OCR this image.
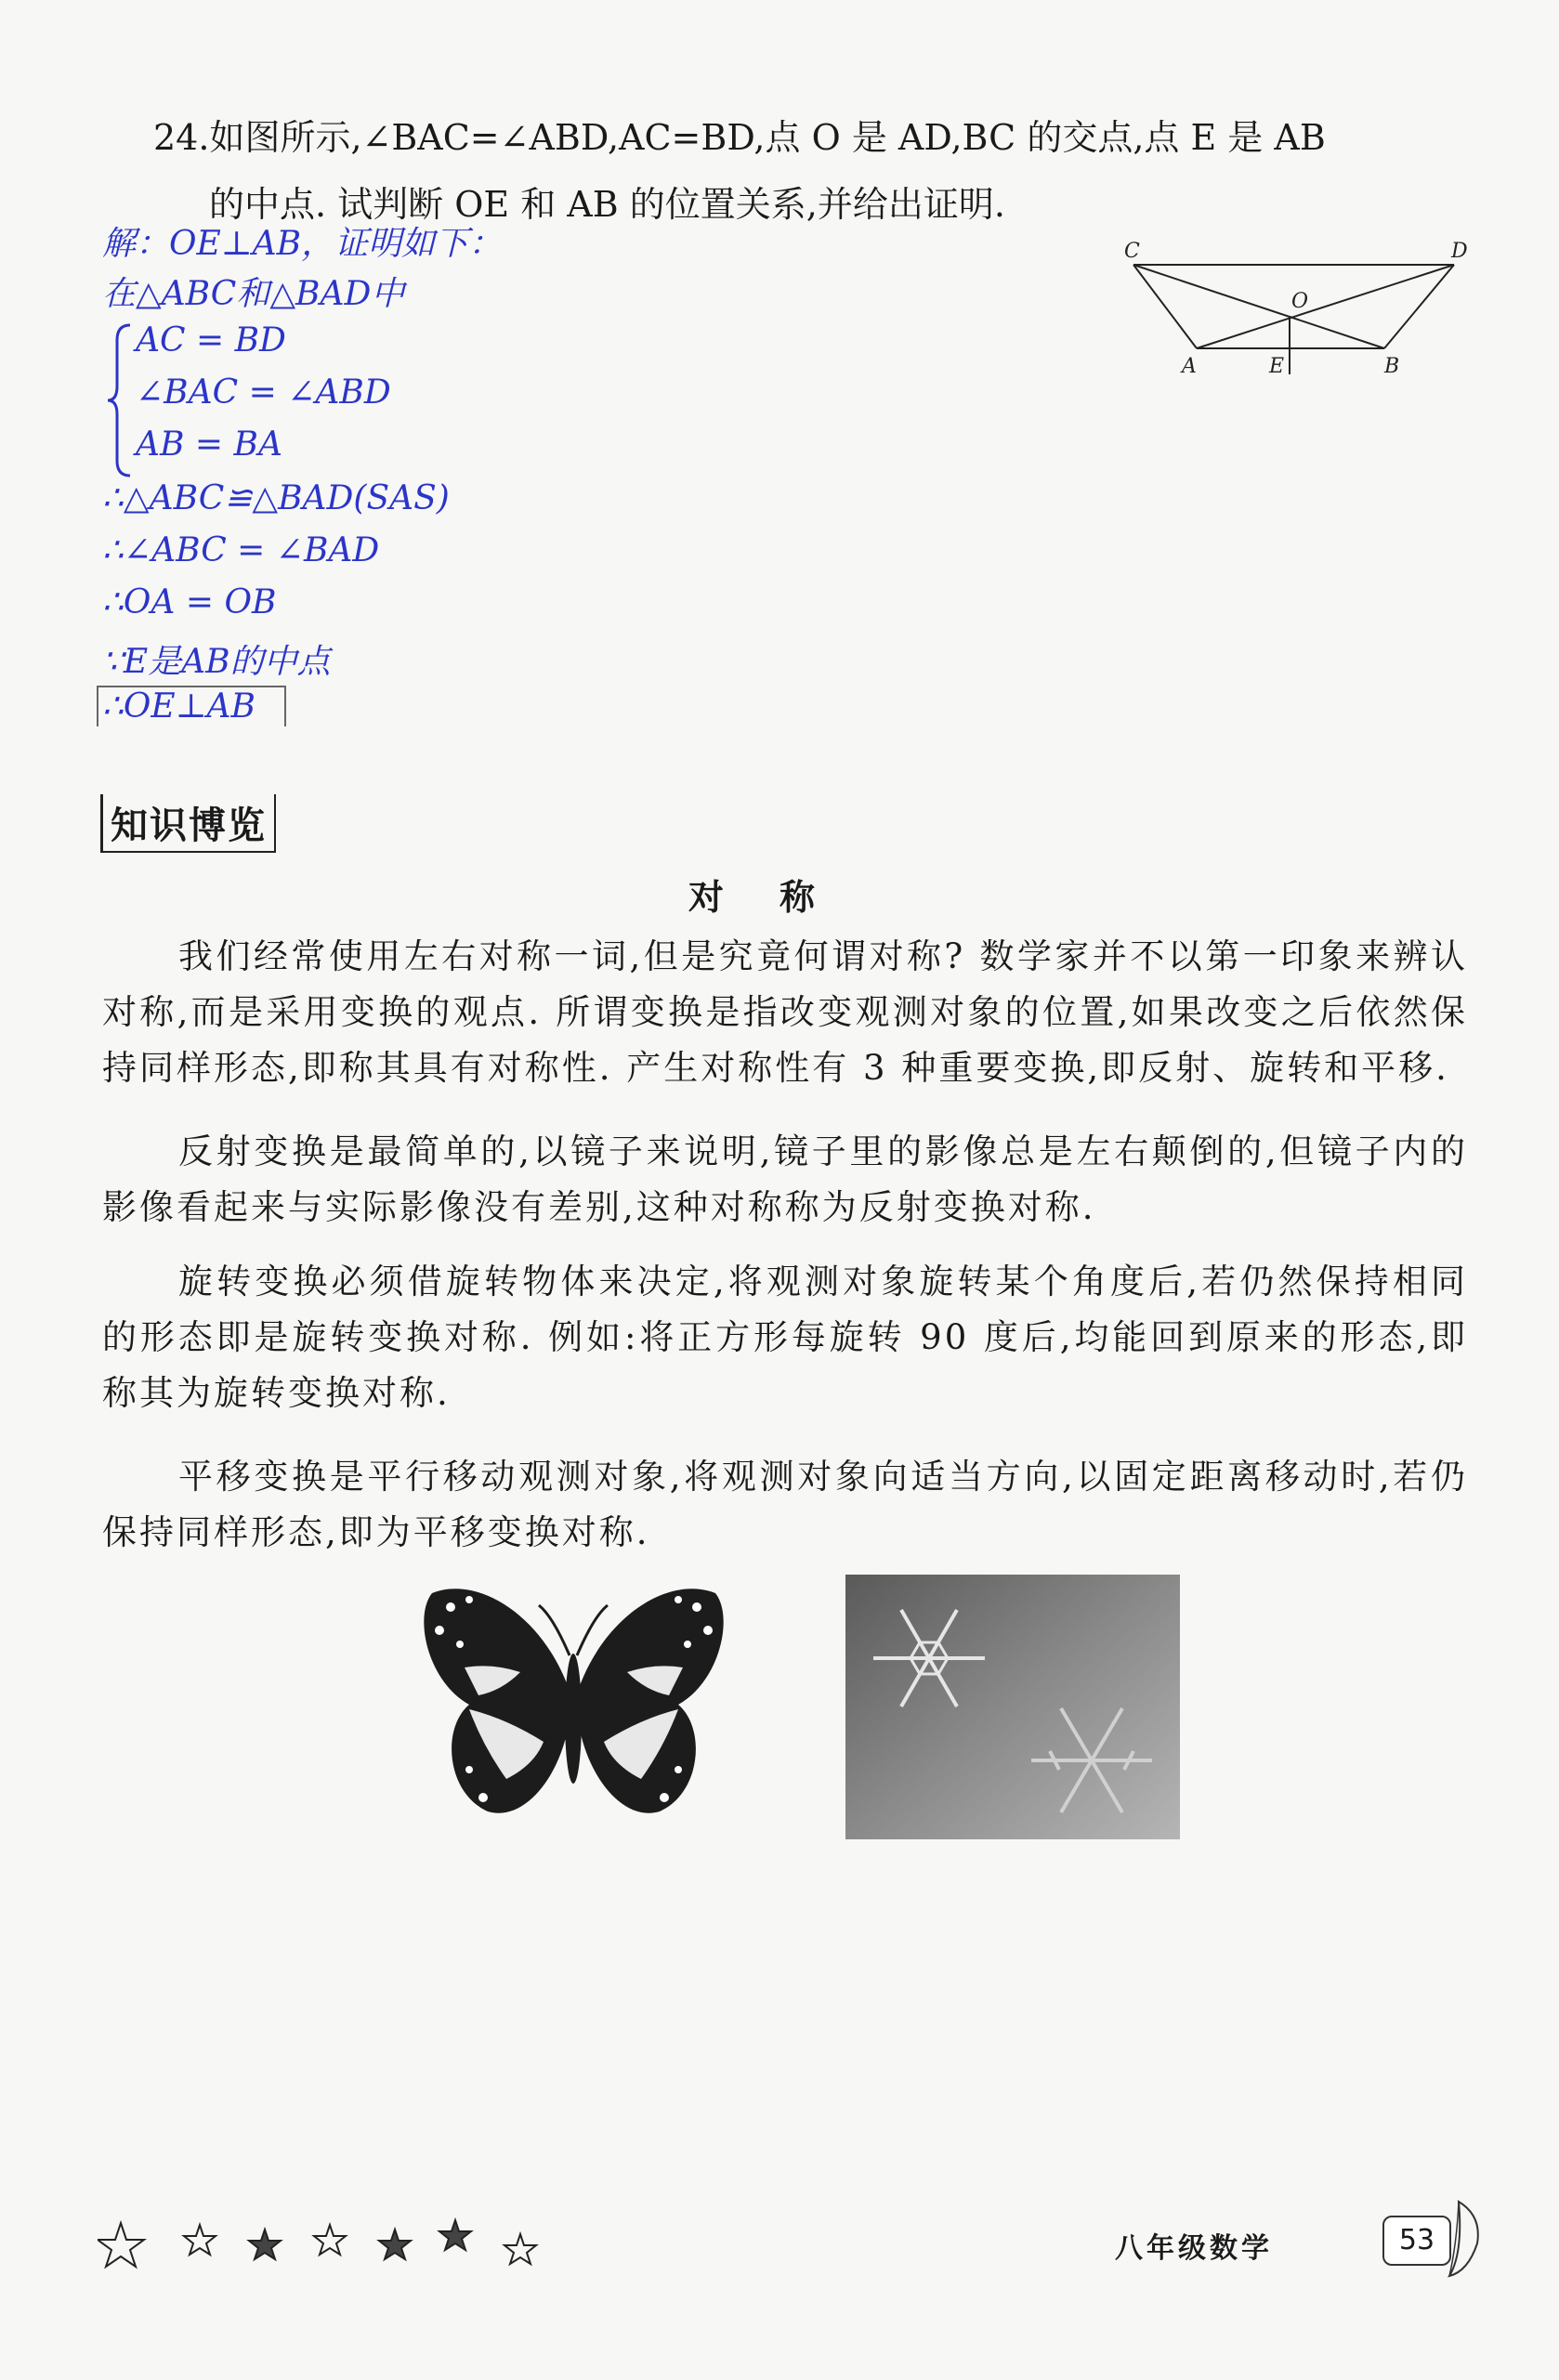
24.如图所示,∠BAC=∠ABD,AC=BD,点 O 是 AD,BC 的交点,点 E 是 AB
的中点. 试判断 OE 和 AB 的位置关系,并给出证明.
解：OE⊥AB，证明如下：
在△ABC和△BAD中
AC = BD
∠BAC = ∠ABD
AB = BA
∴△ABC≌△BAD(SAS)
∴∠ABC = ∠BAD
∴OA = OB
∵E是AB的中点
∴OE⊥AB
C	D
O
A	E	B
知识博览
对称
我们经常使用左右对称一词,但是究竟何谓对称? 数学家并不以第一印象来辨认对称,而是采用变换的观点. 所谓变换是指改变观测对象的位置,如果改变之后依然保持同样形态,即称其具有对称性. 产生对称性有 3 种重要变换,即反射、旋转和平移.
反射变换是最简单的,以镜子来说明,镜子里的影像总是左右颠倒的,但镜子内的影像看起来与实际影像没有差别,这种对称称为反射变换对称.
旋转变换必须借旋转物体来决定,将观测对象旋转某个角度后,若仍然保持相同的形态即是旋转变换对称. 例如:将正方形每旋转 90 度后,均能回到原来的形态,即称其为旋转变换对称.
平移变换是平行移动观测对象,将观测对象向适当方向,以固定距离移动时,若仍保持同样形态,即为平移变换对称.
八年级数学	53
